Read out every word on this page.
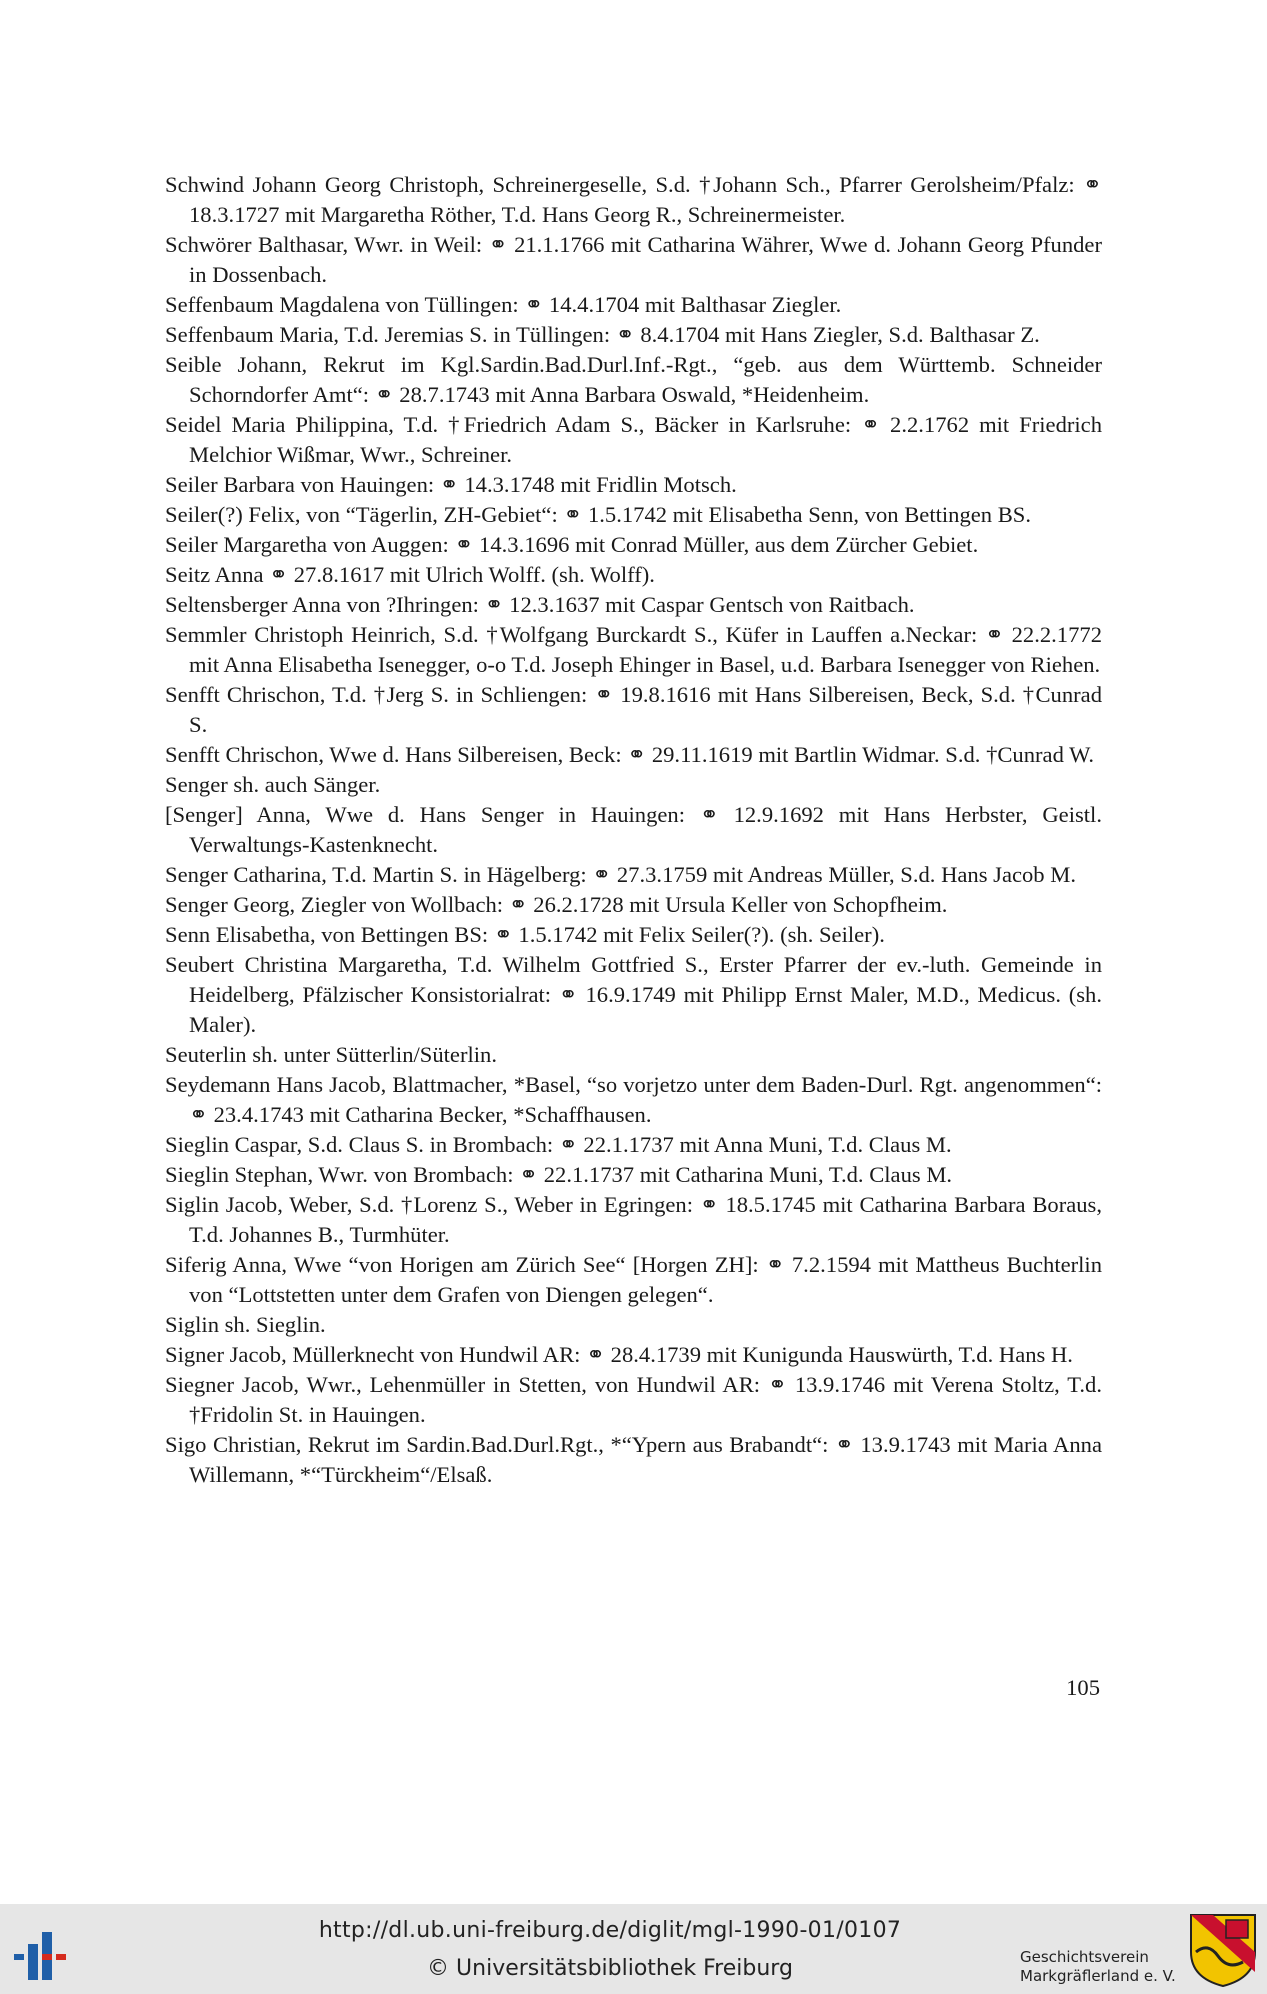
Schwind Johann Georg Christoph, Schreinergeselle, S.d. †Johann Sch., Pfarrer Gerolsheim/Pfalz: ⚭ 18.3.1727 mit Margaretha Röther, T.d. Hans Georg R., Schreinermeister.
Schwörer Balthasar, Wwr. in Weil: ⚭ 21.1.1766 mit Catharina Währer, Wwe d. Johann Georg Pfunder in Dossenbach.
Seffenbaum Magdalena von Tüllingen: ⚭ 14.4.1704 mit Balthasar Ziegler.
Seffenbaum Maria, T.d. Jeremias S. in Tüllingen: ⚭ 8.4.1704 mit Hans Ziegler, S.d. Balthasar Z.
Seible Johann, Rekrut im Kgl.Sardin.Bad.Durl.Inf.-Rgt., “geb. aus dem Württemb. Schneider Schorndorfer Amt“: ⚭ 28.7.1743 mit Anna Barbara Oswald, *Heidenheim.
Seidel Maria Philippina, T.d. †Friedrich Adam S., Bäcker in Karlsruhe: ⚭ 2.2.1762 mit Friedrich Melchior Wißmar, Wwr., Schreiner.
Seiler Barbara von Hauingen: ⚭ 14.3.1748 mit Fridlin Motsch.
Seiler(?) Felix, von “Tägerlin, ZH-Gebiet“: ⚭ 1.5.1742 mit Elisabetha Senn, von Bettingen BS.
Seiler Margaretha von Auggen: ⚭ 14.3.1696 mit Conrad Müller, aus dem Zürcher Gebiet.
Seitz Anna ⚭ 27.8.1617 mit Ulrich Wolff. (sh. Wolff).
Seltensberger Anna von ?Ihringen: ⚭ 12.3.1637 mit Caspar Gentsch von Raitbach.
Semmler Christoph Heinrich, S.d. †Wolfgang Burckardt S., Küfer in Lauffen a.Neckar: ⚭ 22.2.1772 mit Anna Elisabetha Isenegger, o-o T.d. Joseph Ehinger in Basel, u.d. Barbara Isenegger von Riehen.
Senfft Chrischon, T.d. †Jerg S. in Schliengen: ⚭ 19.8.1616 mit Hans Silbereisen, Beck, S.d. †Cunrad S.
Senfft Chrischon, Wwe d. Hans Silbereisen, Beck: ⚭ 29.11.1619 mit Bartlin Widmar. S.d. †Cunrad W.
Senger sh. auch Sänger.
[Senger] Anna, Wwe d. Hans Senger in Hauingen: ⚭ 12.9.1692 mit Hans Herbster, Geistl. Verwaltungs-Kastenknecht.
Senger Catharina, T.d. Martin S. in Hägelberg: ⚭ 27.3.1759 mit Andreas Müller, S.d. Hans Jacob M.
Senger Georg, Ziegler von Wollbach: ⚭ 26.2.1728 mit Ursula Keller von Schopfheim.
Senn Elisabetha, von Bettingen BS: ⚭ 1.5.1742 mit Felix Seiler(?). (sh. Seiler).
Seubert Christina Margaretha, T.d. Wilhelm Gottfried S., Erster Pfarrer der ev.-luth. Gemeinde in Heidelberg, Pfälzischer Konsistorialrat: ⚭ 16.9.1749 mit Philipp Ernst Maler, M.D., Medicus. (sh. Maler).
Seuterlin sh. unter Sütterlin/Süterlin.
Seydemann Hans Jacob, Blattmacher, *Basel, “so vorjetzo unter dem Baden-Durl. Rgt. angenommen“: ⚭ 23.4.1743 mit Catharina Becker, *Schaffhausen.
Sieglin Caspar, S.d. Claus S. in Brombach: ⚭ 22.1.1737 mit Anna Muni, T.d. Claus M.
Sieglin Stephan, Wwr. von Brombach: ⚭ 22.1.1737 mit Catharina Muni, T.d. Claus M.
Siglin Jacob, Weber, S.d. †Lorenz S., Weber in Egringen: ⚭ 18.5.1745 mit Catharina Barbara Boraus, T.d. Johannes B., Turmhüter.
Siferig Anna, Wwe “von Horigen am Zürich See“ [Horgen ZH]: ⚭ 7.2.1594 mit Mattheus Buchterlin von “Lottstetten unter dem Grafen von Diengen gelegen“.
Siglin sh. Sieglin.
Signer Jacob, Müllerknecht von Hundwil AR: ⚭ 28.4.1739 mit Kunigunda Hauswürth, T.d. Hans H.
Siegner Jacob, Wwr., Lehenmüller in Stetten, von Hundwil AR: ⚭ 13.9.1746 mit Verena Stoltz, T.d. †Fridolin St. in Hauingen.
Sigo Christian, Rekrut im Sardin.Bad.Durl.Rgt., *“Ypern aus Brabandt“: ⚭ 13.9.1743 mit Maria Anna Willemann, *“Türckheim“/Elsaß.
105
http://dl.ub.uni-freiburg.de/diglit/mgl-1990-01/0107
© Universitätsbibliothek Freiburg	Geschichtsverein
Markgräflerland e. V.
